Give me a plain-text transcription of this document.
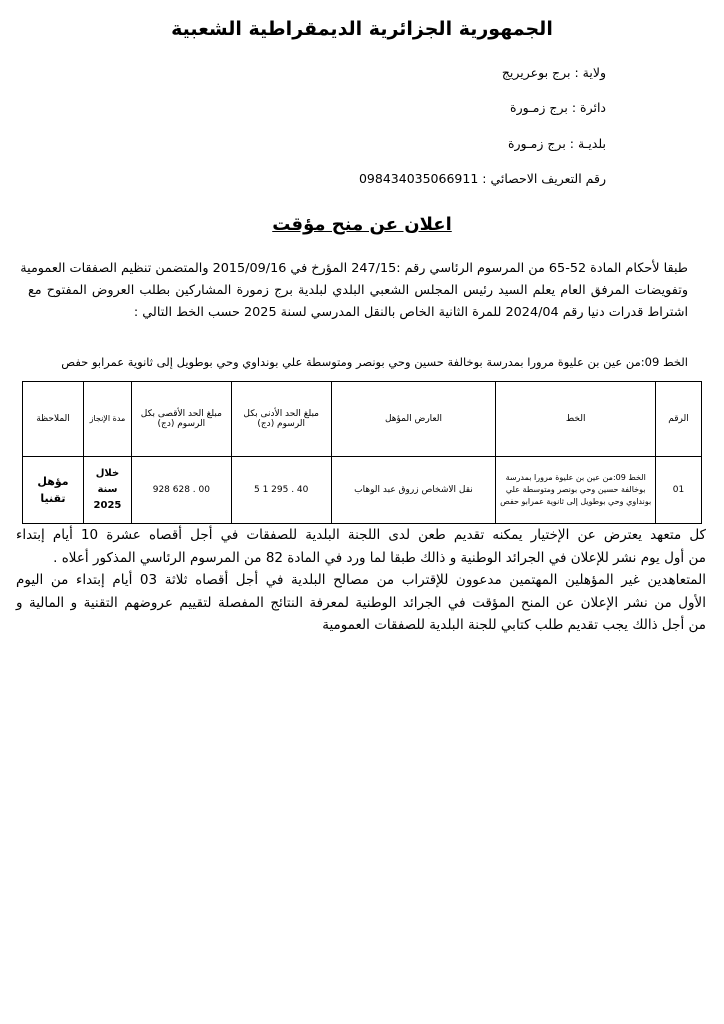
الجمهورية الجزائرية الديمقراطية الشعبية
ولاية : برج بوعريريج
دائرة : برج زمـورة
بلديـة : برج زمـورة
رقم التعريف الاحصائي : 098434035066911
اعلان عن منح مؤقت
طبقا لأحكام المادة 52-65 من المرسوم الرئاسي رقم :247/15 المؤرخ في 2015/09/16 والمتضمن تنظيم الصفقات العمومية
وتفويضات المرفق العام يعلم السيد رئيس المجلس الشعبي البلدي لبلدية برج زمورة المشاركين بطلب العروض المفتوح مع
اشتراط قدرات دنيا رقم 2024/04 للمرة الثانية الخاص بالنقل المدرسي لسنة 2025 حسب الخط التالي :
الخط 09:من عين بن عليوة مرورا بمدرسة بوخالفة حسين وحي بونصر ومتوسطة علي بونداوي وحي بوطويل إلى ثانوية عمرابو حفص
الرقم	الخط	العارض المؤهل	مبلغ الحد الأدنى بكل الرسوم (دج)	مبلغ الحد الأقصى بكل الرسوم (دج)	مدة الإنجاز	الملاحظة
01	الخط 09:من عين بن عليوة مرورا بمدرسة بوخالفة حسين وحي بونصر ومتوسطة علي بونداوي وحي بوطويل إلى ثانوية عمرابو حفص	نقل الاشخاص زروق عبد الوهاب	5 1 295 . 40	928 628 . 00	خلال سنة 2025	مؤهل تقنيا
كل متعهد يعترض عن الإختيار يمكنه تقديم طعن لدى اللجنة البلدية للصفقات في أجل أقصاه عشرة 10 أيام إبتداء
من أول يوم نشر للإعلان في الجرائد الوطنية و ذالك طبقا لما ورد في المادة 82 من المرسوم الرئاسي المذكور أعلاه .
المتعاهدين غير المؤهلين المهتمين مدعوون للإقتراب من مصالح البلدية في أجل أقصاه ثلاثة 03 أيام إبتداء من اليوم
الأول من نشر الإعلان عن المنح المؤقت في الجرائد الوطنية لمعرفة النتائج المفصلة لتقييم عروضهم التقنية و المالية و
من أجل ذالك يجب تقديم طلب كتابي للجنة البلدية للصفقات العمومية
